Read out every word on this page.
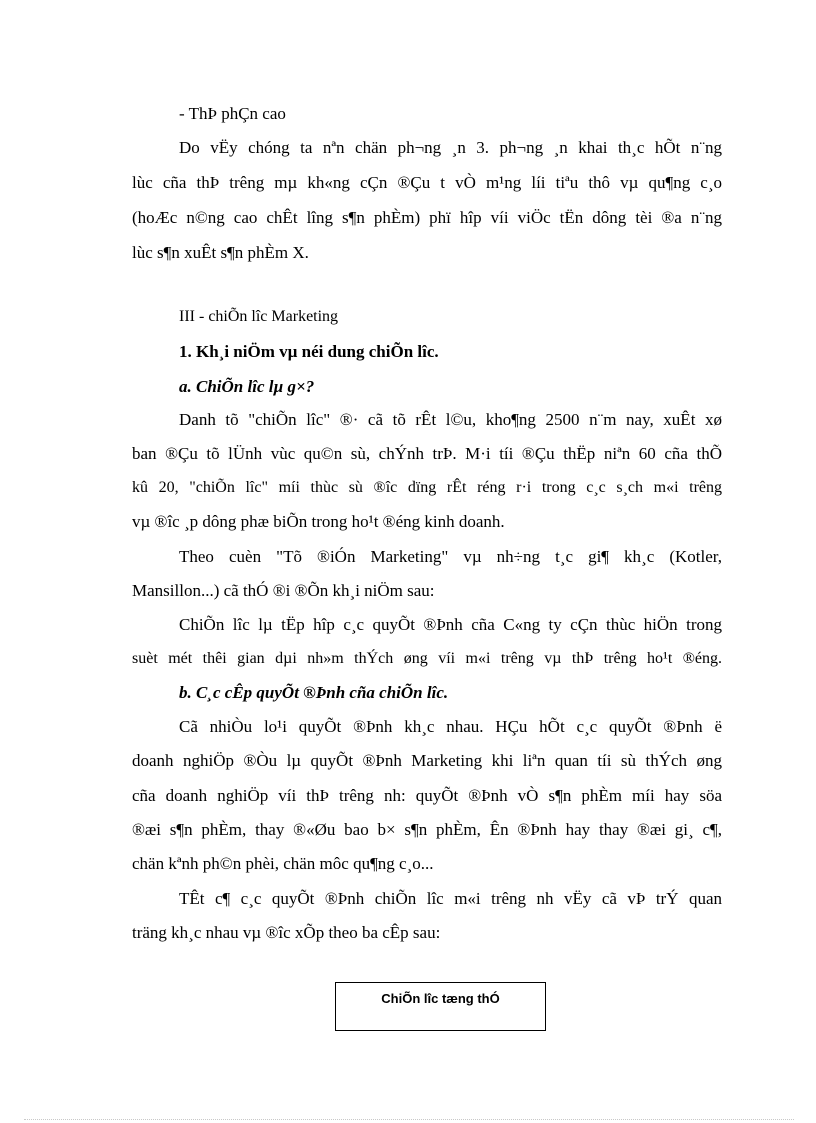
- ThÞ phÇn cao
Do vËy chóng ta nªn chän ph¬ng ¸n 3. ph¬ng ¸n khai th¸c hÕt n¨ng
lùc cña thÞ trêng mµ kh«ng cÇn ®Çu t vÒ m¹ng líi tiªu thô vµ qu¶ng c¸o
(hoÆc n©ng cao chÊt lîng s¶n phÈm) phï hîp víi viÖc tËn dông tèi ®a n¨ng
lùc s¶n xuÊt s¶n phÈm X.
III - chiÕn lîc Marketing
1. Kh¸i niÖm vµ néi dung chiÕn lîc.
a. ChiÕn lîc lµ g×?
Danh tõ "chiÕn lîc" ®· cã tõ rÊt l©u, kho¶ng 2500 n¨m nay, xuÊt xø
ban ®Çu tõ lÜnh vùc qu©n sù, chÝnh trÞ. M·i tíi ®Çu thËp niªn 60 cña thÕ
kû 20, "chiÕn lîc" míi thùc sù ®îc dïng rÊt réng r·i trong c¸c s¸ch m«i trêng
vµ ®îc ¸p dông phæ biÕn trong ho¹t ®éng kinh doanh.
Theo cuèn "Tõ ®iÓn Marketing" vµ nh÷ng t¸c gi¶ kh¸c (Kotler,
Mansillon...) cã thÓ ®i ®Õn kh¸i niÖm sau:
ChiÕn lîc lµ tËp hîp c¸c quyÕt ®Þnh cña C«ng ty cÇn thùc hiÖn trong
suèt mét thêi gian dµi nh»m thÝch øng víi m«i trêng vµ thÞ trêng ho¹t ®éng.
b. C¸c cÊp quyÕt ®Þnh cña chiÕn lîc.
Cã nhiÒu lo¹i quyÕt ®Þnh kh¸c nhau. HÇu hÕt c¸c quyÕt ®Þnh ë
doanh nghiÖp ®Òu lµ quyÕt ®Þnh Marketing khi liªn quan tíi sù thÝch øng
cña doanh nghiÖp víi thÞ trêng nh: quyÕt ®Þnh vÒ s¶n phÈm míi hay söa
®æi s¶n phÈm, thay ®«Øu bao b× s¶n phÈm, Ên ®Þnh hay thay ®æi gi¸ c¶,
chän kªnh ph©n phèi, chän môc qu¶ng c¸o...
TÊt c¶ c¸c quyÕt ®Þnh chiÕn lîc m«i trêng nh vËy cã vÞ trÝ quan
träng kh¸c nhau vµ ®îc xÕp theo ba cÊp sau:
ChiÕn lîc tæng thÓ
